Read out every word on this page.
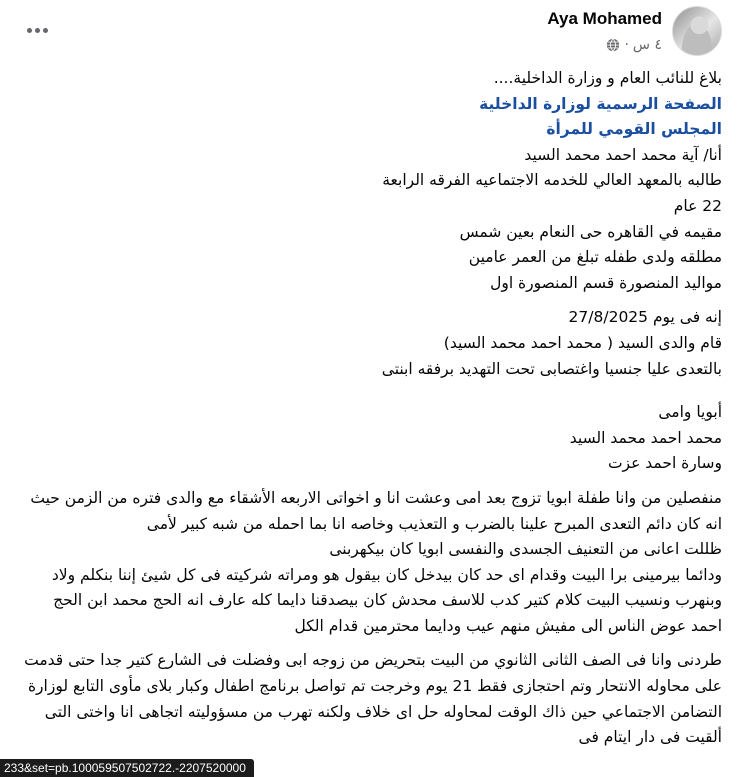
Aya Mohamed
٤ س
·
بلاغ للنائب العام و وزارة الداخلية....
الصفحة الرسمية لوزارة الداخلية
المجلس القومي للمرأة
أنا/ آية محمد احمد محمد السيد
طالبه بالمعهد العالي للخدمه الاجتماعيه الفرقه الرابعة
22 عام
مقيمه في القاهره حى النعام بعين شمس
مطلقه ولدى طفله تبلغ من العمر عامين
مواليد المنصورة قسم المنصورة اول
إنه فى يوم 27/8/2025
قام والدى السيد ( محمد احمد محمد السيد)
بالتعدى عليا جنسيا واغتصابى تحت التهديد برفقه ابنتى
أبويا وامى
محمد احمد محمد السيد
وسارة احمد عزت
منفصلين من وانا طفلة ابويا تزوج بعد امى وعشت انا و اخواتى الاربعه الأشقاء مع والدى فتره من الزمن حيث انه كان دائم التعدى المبرح علينا بالضرب و التعذيب وخاصه انا بما احمله من شبه كبير لأمى
ظللت اعانى من التعنيف الجسدى والنفسى ابويا كان بيكهربنى
ودائما بيرمينى برا البيت وقدام اى حد كان بيدخل كان بيقول هو ومراته شركيته فى كل شيئ إننا بنكلم ولاد وبنهرب ونسيب البيت كلام كتير كدب للاسف محدش كان بيصدقنا دايما كله عارف انه الحج محمد ابن الحج احمد عوض الناس الى مفيش منهم عيب ودايما محترمين قدام الكل
طردنى وانا فى الصف الثانى الثانوي من البيت بتحريض من زوجه ابى وفضلت فى الشارع كتير جدا حتى قدمت على محاوله الانتحار وتم احتجازى فقط 21 يوم وخرجت تم تواصل برنامج اطفال وكبار بلاى مأوى التابع لوزارة التضامن الاجتماعي حين ذاك الوقت لمحاوله حل اى خلاف ولكنه تهرب من مسؤوليته اتجاهى انا واختى التى ألقيت فى دار ايتام فى
233&set=pb.100059507502722.-2207520000
